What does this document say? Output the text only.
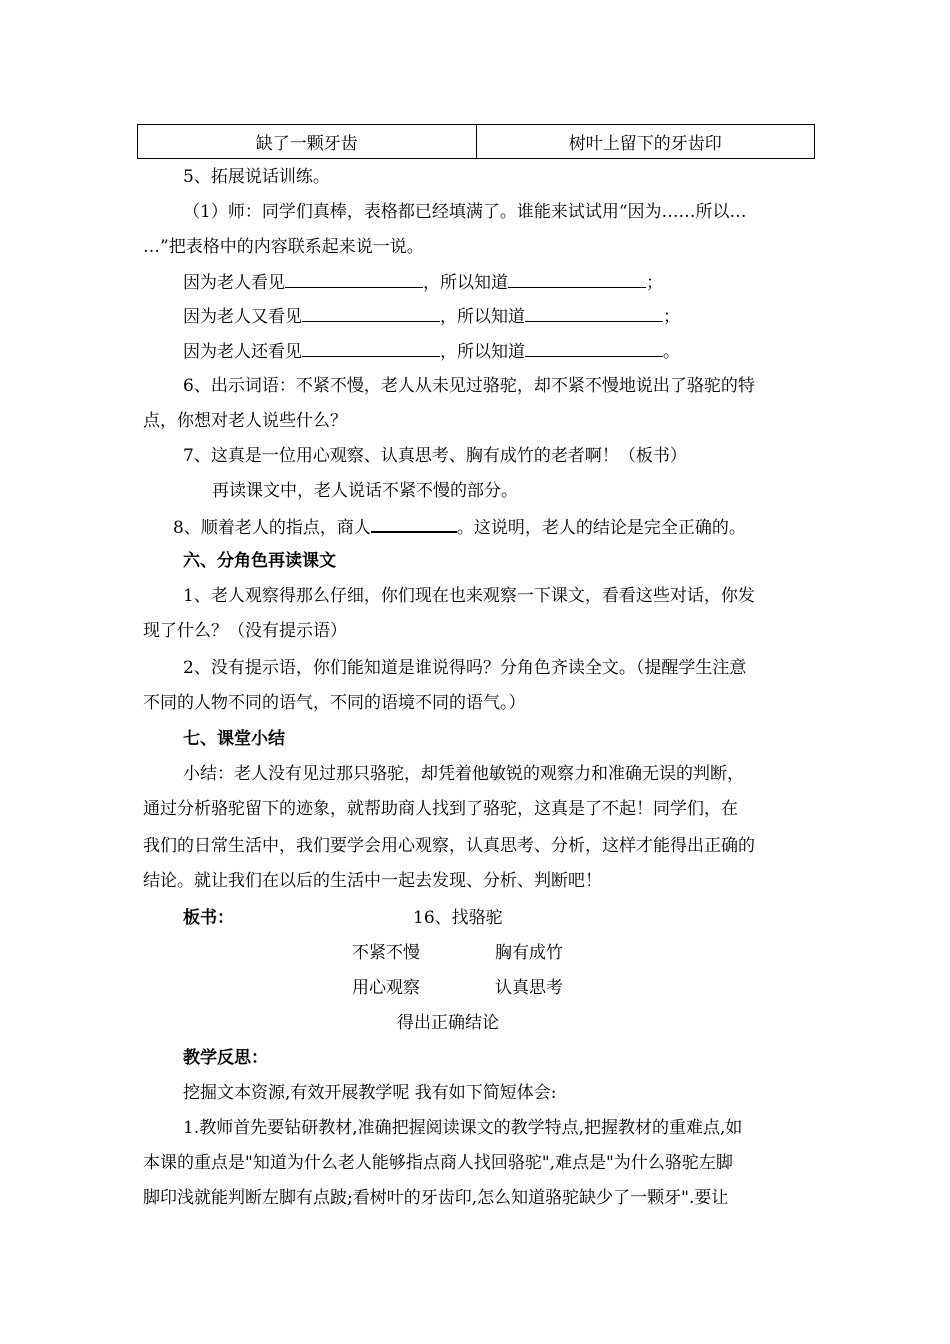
缺了一颗牙齿	树叶上留下的牙齿印
5、拓展说话训练。
（1）师：同学们真棒，表格都已经填满了。谁能来试试用“因为……所以…
…”把表格中的内容联系起来说一说。
因为老人看见	，所以知道	；
因为老人又看见	，所以知道	；
因为老人还看见	，所以知道	。
6、出示词语：不紧不慢，老人从未见过骆驼，却不紧不慢地说出了骆驼的特
点，你想对老人说些什么？
7、这真是一位用心观察、认真思考、胸有成竹的老者啊！（板书）
再读课文中，老人说话不紧不慢的部分。
8、顺着老人的指点，商人	。这说明，老人的结论是完全正确的。
六、分角色再读课文
1、老人观察得那么仔细，你们现在也来观察一下课文，看看这些对话，你发
现了什么？（没有提示语）
2、没有提示语，你们能知道是谁说得吗？分角色齐读全文。（提醒学生注意
不同的人物不同的语气，不同的语境不同的语气。）
七、课堂小结
小结：老人没有见过那只骆驼，却凭着他敏锐的观察力和准确无误的判断，
通过分析骆驼留下的迹象，就帮助商人找到了骆驼，这真是了不起！同学们，在
我们的日常生活中，我们要学会用心观察，认真思考、分析，这样才能得出正确的
结论。就让我们在以后的生活中一起去发现、分析、判断吧！
板书：	16、找骆驼
不紧不慢	胸有成竹
用心观察	认真思考
得出正确结论
教学反思：
挖掘文本资源,有效开展教学呢 我有如下简短体会:
1.教师首先要钻研教材,准确把握阅读课文的教学特点,把握教材的重难点,如
本课的重点是"知道为什么老人能够指点商人找回骆驼",难点是"为什么骆驼左脚
脚印浅就能判断左脚有点跛;看树叶的牙齿印,怎么知道骆驼缺少了一颗牙".要让
